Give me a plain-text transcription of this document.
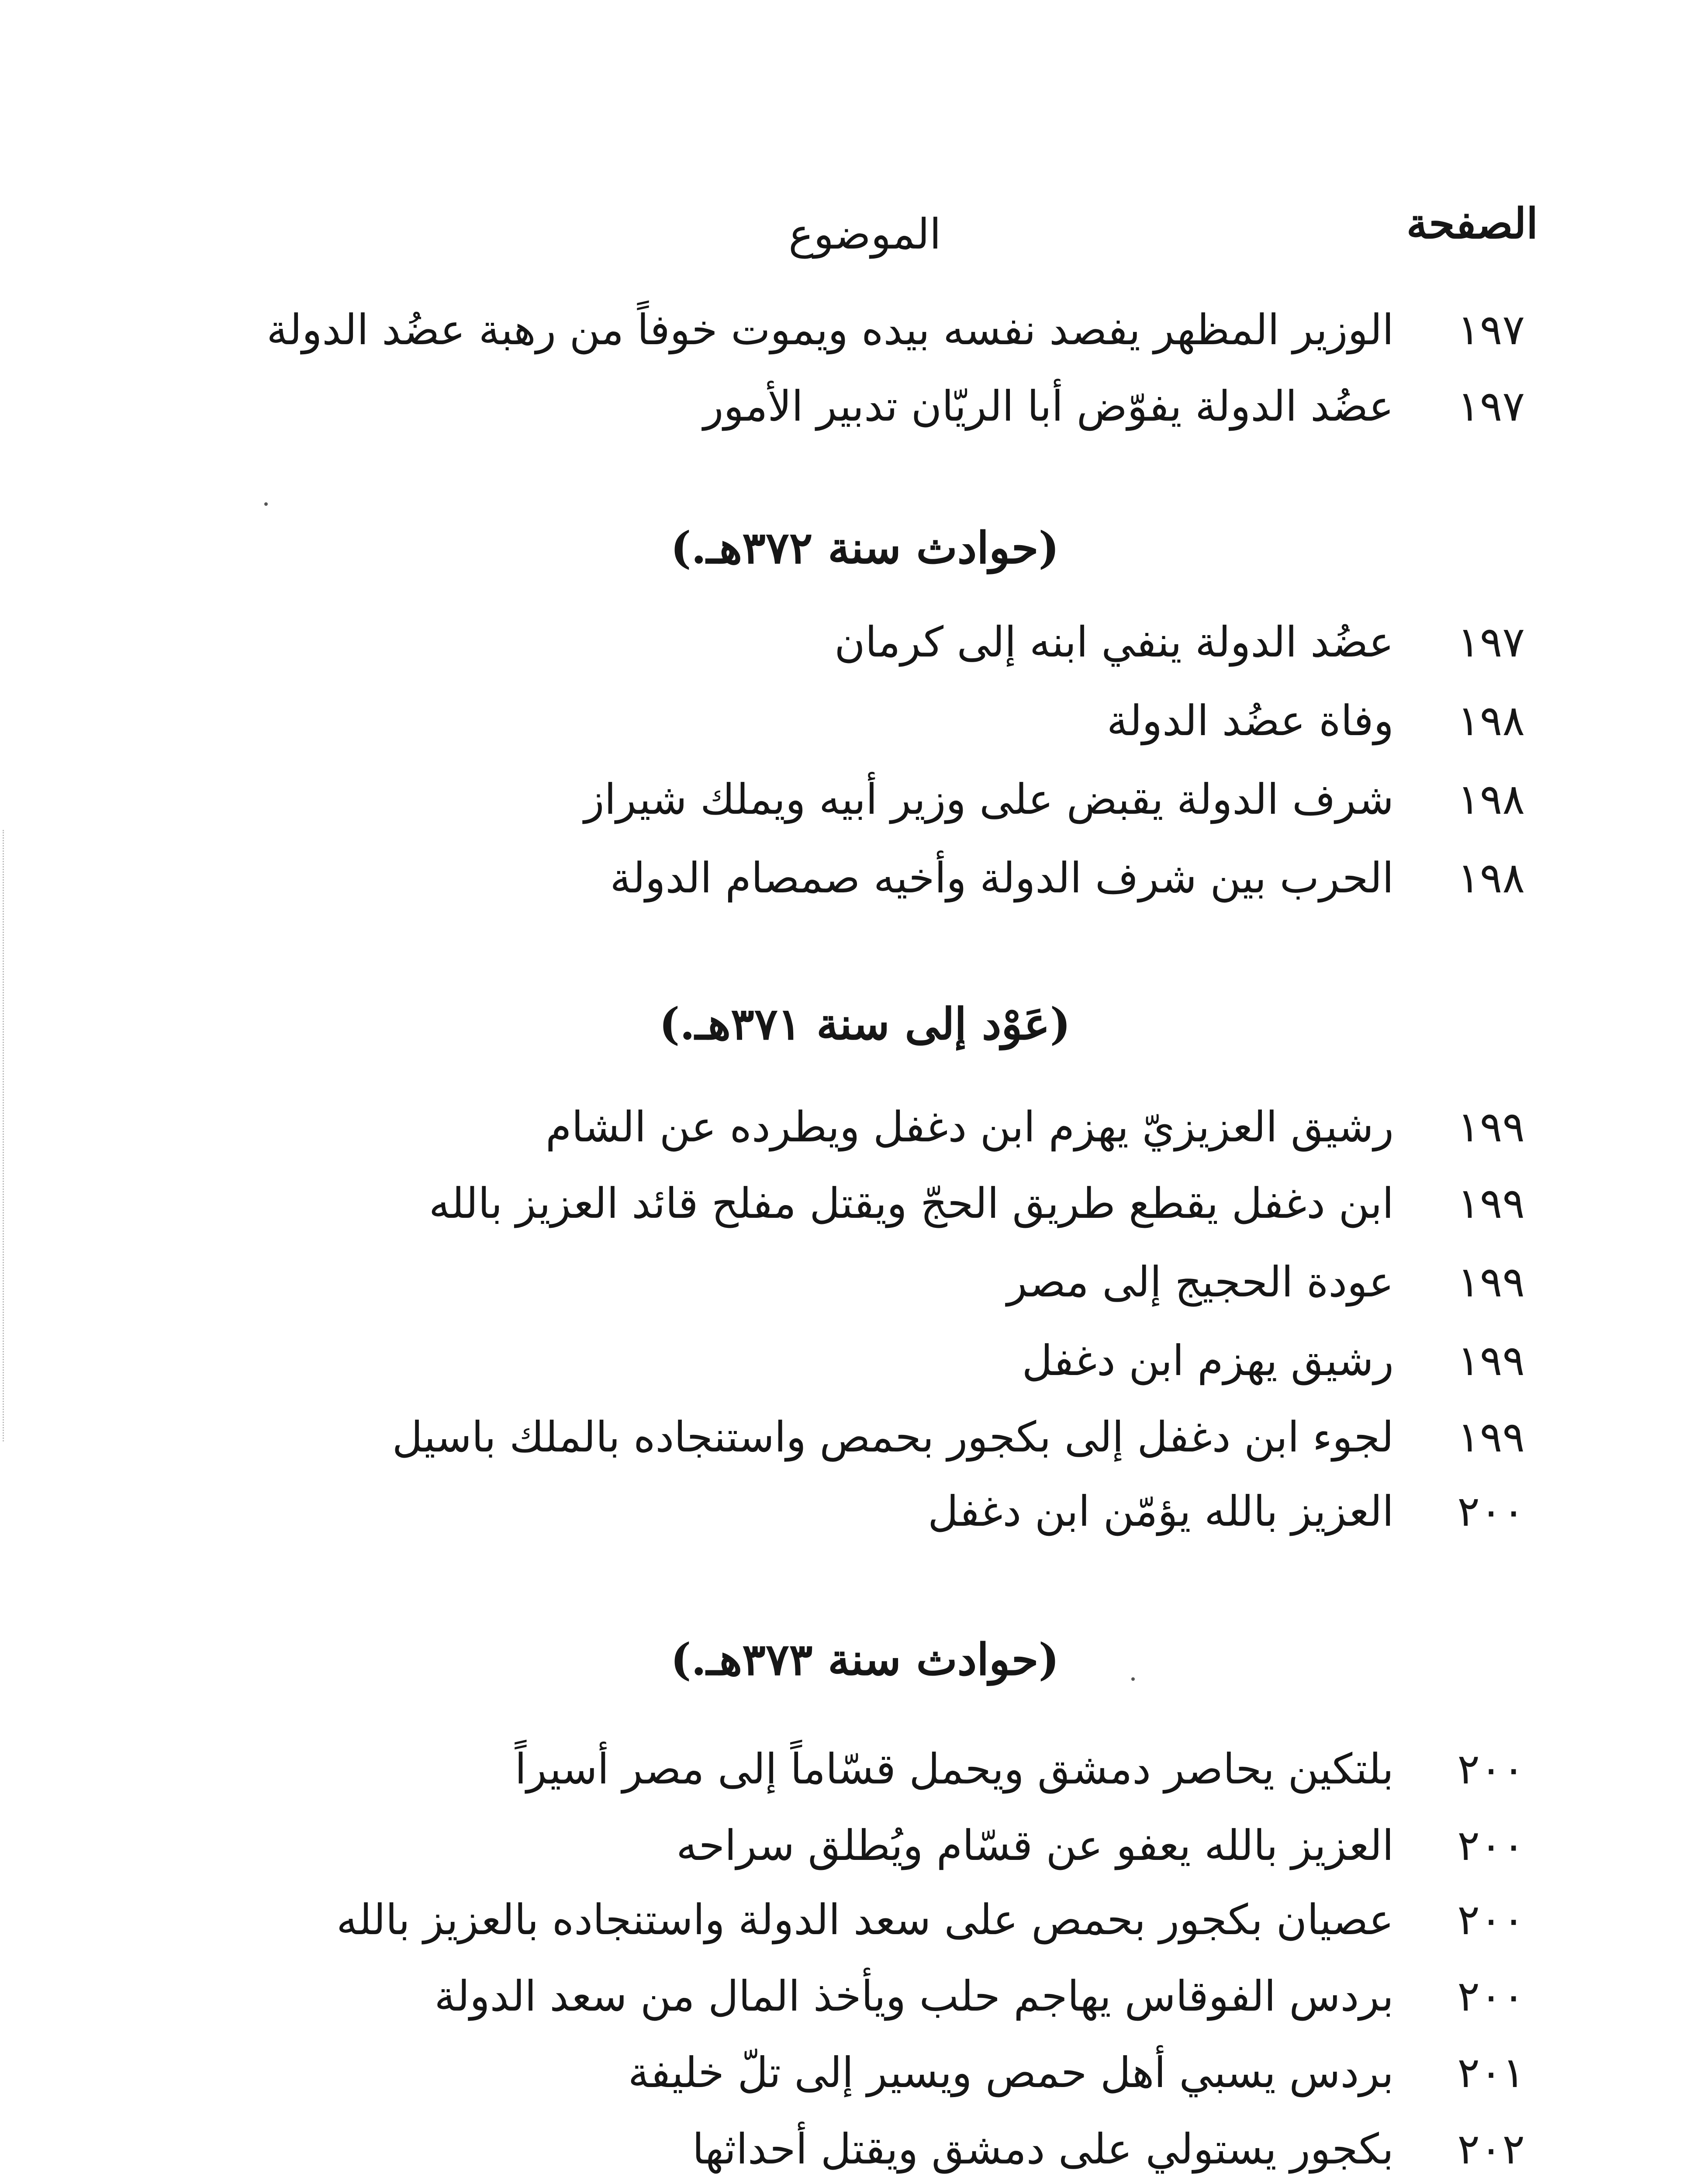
الصفحة
الموضوع
١٩٧
الوزير المظهر يفصد نفسه بيده ويموت خوفاً من رهبة عضُد الدولة
١٩٧
عضُد الدولة يفوّض أبا الريّان تدبير الأمور
(حوادث سنة ٣٧٢هـ.)
١٩٧
عضُد الدولة ينفي ابنه إلى كرمان
١٩٨
وفاة عضُد الدولة
١٩٨
شرف الدولة يقبض على وزير أبيه ويملك شيراز
١٩٨
الحرب بين شرف الدولة وأخيه صمصام الدولة
(عَوْد إلى سنة ٣٧١هـ.)
١٩٩
رشيق العزيزيّ يهزم ابن دغفل ويطرده عن الشام
١٩٩
ابن دغفل يقطع طريق الحجّ ويقتل مفلح قائد العزيز بالله
١٩٩
عودة الحجيج إلى مصر
١٩٩
رشيق يهزم ابن دغفل
١٩٩
لجوء ابن دغفل إلى بكجور بحمص واستنجاده بالملك باسيل
٢٠٠
العزيز بالله يؤمّن ابن دغفل
(حوادث سنة ٣٧٣هـ.)
٢٠٠
بلتكين يحاصر دمشق ويحمل قسّاماً إلى مصر أسيراً
٢٠٠
العزيز بالله يعفو عن قسّام ويُطلق سراحه
٢٠٠
عصيان بكجور بحمص على سعد الدولة واستنجاده بالعزيز بالله
٢٠٠
بردس الفوقاس يهاجم حلب ويأخذ المال من سعد الدولة
٢٠١
بردس يسبي أهل حمص ويسير إلى تلّ خليفة
٢٠٢
بكجور يستولي على دمشق ويقتل أحداثها
